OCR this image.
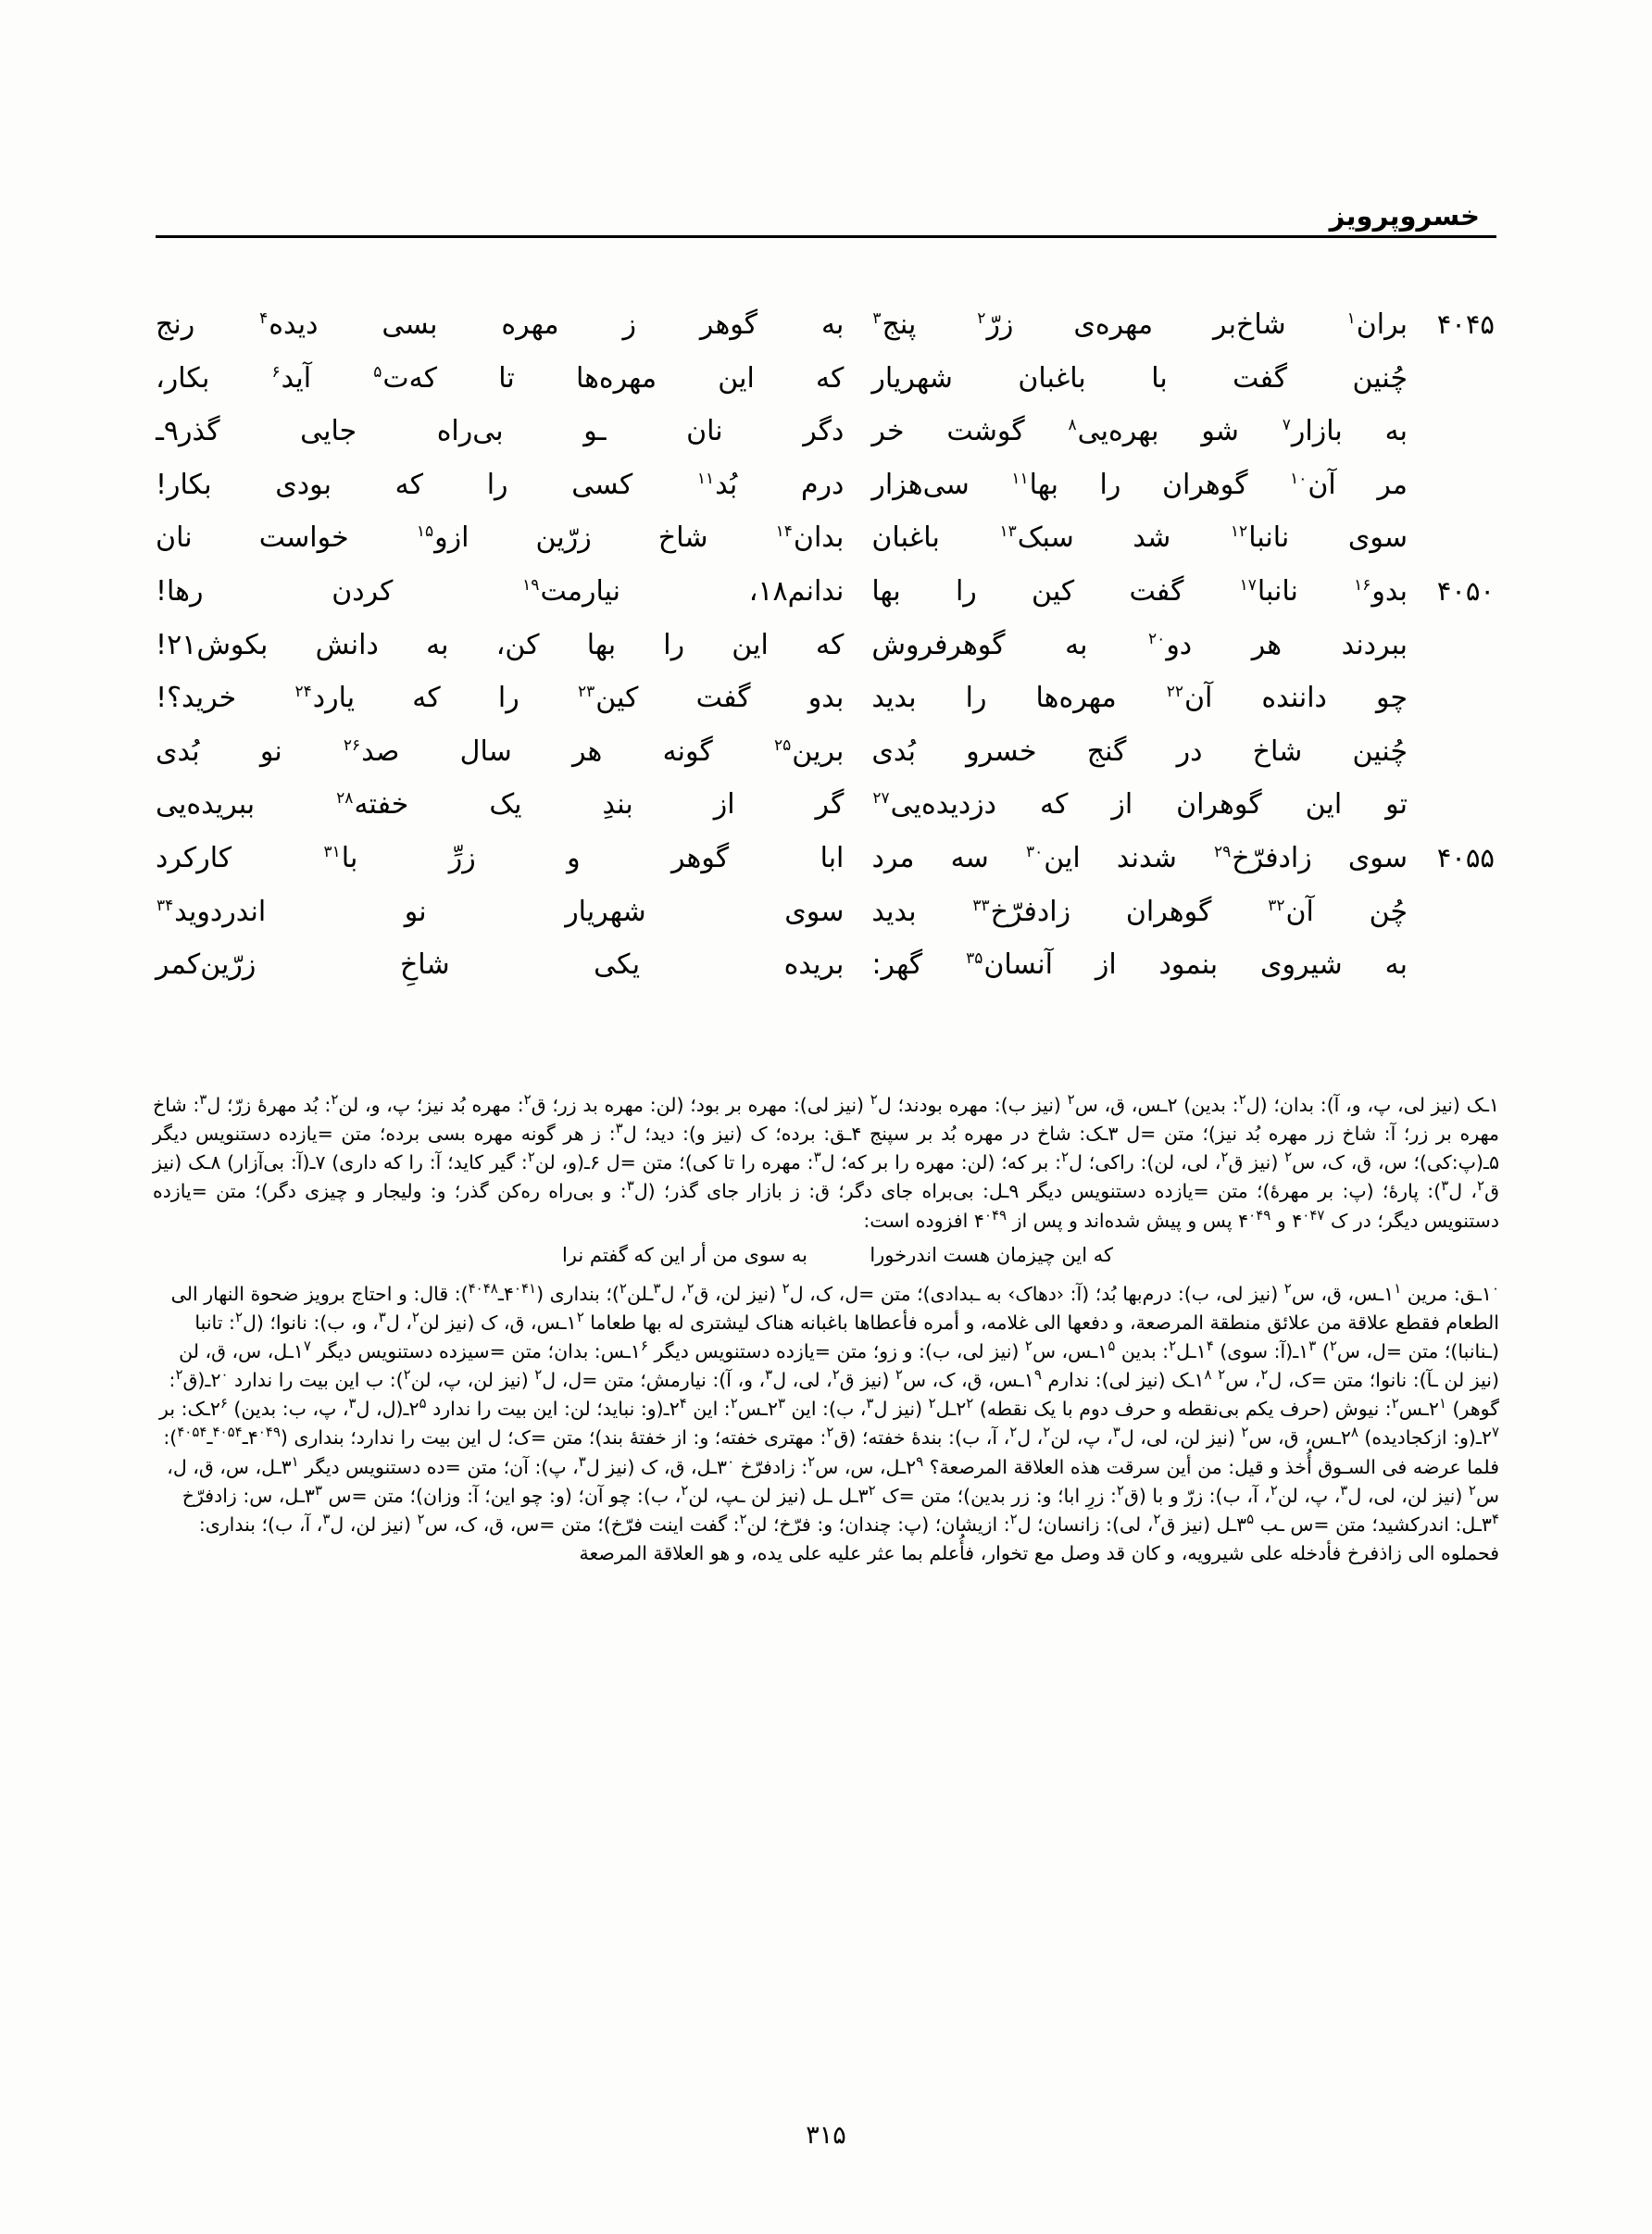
خسروپرویز
۴۰۴۵
بران$^۱$
شاخ‌بر
مهره‌ی
زرّ$^۲$
پنج$^۳$
به
گوهر
ز
مهره
بسی
دیده$^۴$
رنج

چُنین
گفت
با
باغبان
شهریار
که
این
مهره‌ها
تا
که‌ت$^۵$
آید$^۶$
بکار،

به
بازار$^۷$
شو
بهره‌یی$^۸$
گوشت
خر
دگر
نان
ـو
بی‌راه
جایی
گذر۹ـ

مر
آن$^{۱۰}$
گوهران
را
بها$^{۱۱}$
سی‌هزار
درم
بُد$^{۱۱}$
کسی
را
که
بودی
بکار!

سوی
نانبا$^{۱۲}$
شد
سبک$^{۱۳}$
باغبان
بدان$^{۱۴}$
شاخ
زرّین
ازو$^{۱۵}$
خواست
نان
۴۰۵۰
بدو$^{۱۶}$
نانبا$^{۱۷}$
گفت
کین
را
بها
ندانم۱۸،
نیارمت$^{۱۹}$
کردن
رها!

ببردند
هر
دو$^{۲۰}$
به
گوهرفروش
که
این
را
بها
کن،
به
دانش
بکوش۲۱!

چو
داننده
آن$^{۲۲}$
مهره‌ها
را
بدید
بدو
گفت
کین$^{۲۳}$
را
که
یارد$^{۲۴}$
خرید؟!

چُنین
شاخ
در
گنج
خسرو
بُدی
برین$^{۲۵}$
گونه
هر
سال
صد$^{۲۶}$
نو
بُدی

تو
این
گوهران
از
که
دزدیده‌یی$^{۲۷}$
گر
از
بندِ
یک
خفته$^{۲۸}$
ببریده‌یی
۴۰۵۵
سوی
زادفرّخ$^{۲۹}$
شدند
این$^{۳۰}$
سه
مرد
ابا
گوهر
و
زرِّ
با$^{۳۱}$
کارکرد

چُن
آن$^{۳۲}$
گوهران
زادفرّخ$^{۳۳}$
بدید
سوی
شهریار
نو
اندردوید$^{۳۴}$

به
شیروی
بنمود
از
آنسان$^{۳۵}$
گهر:
بریده
یکی
شاخِ
زرّین‌کمر

۱ـک (نیز لی، پ، و، آ): بدان؛ (ل$^۲$: بدین) ۲ـس، ق، س$^۲$ (نیز ب): مهره بودند؛ ل$^۲$ (نیز لی): مهره بر بود؛ (لن: مهره بد زر؛ ق$^۲$: مهره بُد نیز؛ پ، و، لن$^۲$: بُد مهرهٔ زرّ؛ ل$^۳$: شاخ مهره بر زر؛ آ: شاخ زر مهره بُد نیز)؛ متن =ل ۳ـک: شاخ در مهره بُد بر سپنج ۴ـق: برده؛ ک (نیز و): دید؛ ل$^۳$: ز هر گونه مهره بسی برده؛ متن =یازده دستنویس دیگر ۵ـ(پ:کی)؛ س، ق، ک، س$^۲$ (نیز ق$^۲$، لی، لن): راکی؛ ل$^۲$: بر که؛ (لن: مهره را بر که؛ ل$^۳$: مهره را تا کی)؛ متن =ل ۶ـ(و، لن$^۲$: گیر کاید؛ آ: را که داری) ۷ـ(آ: بی‌آزار) ۸ـک (نیز ق$^۲$، ل$^۳$): پارهٔ؛ (پ: بر مهرهٔ)؛ متن =یازده دستنویس دیگر ۹ـل: بی‌براه جای دگر؛ ق: ز بازار جای گذر؛ (ل$^۳$: و بی‌راه ره‌کن گذر؛ و: ولیجار و چیزی دگر)؛ متن =یازده دستنویس دیگر؛ در ک $۴^{۰۴۷}$ و $۴^{۰۴۹}$ پس و پیش شده‌اند و پس از $۴^{۰۴۹}$ افزوده است:

که این چیزمان هست اندرخورابه سوی من أر این که گفتم نرا

$۱^۰ـق$: مرین $۱^۱ـس،$ ق، س$^۲$ (نیز لی، ب): درم‌بها بُد؛ (آ: ‹دهاک› به ـبدادی)؛ متن =ل، ک، ل$^۲$ (نیز لن، ق$^۲$، ل$^۳$ـلن$^۲$)؛ بنداری $(۴^{۰۴۱}ـ^{۴۰۴۸})$: قال: و احتاج برویز ضحوة النهار الی الطعام فقطع علاقة من علائق منطقة المرصعة، و دفعها الی غلامه، و أمره فأعطاها باغبانه هناک لیشتری له بها طعاما $۱^۲ـس،$ ق، ک (نیز لن$^۲$، ل$^۳$، و، ب): نانوا؛ (ل$^۲$: تانبا (ـنانبا)؛ متن =ل، س$^۲$) $۱^۳ـ(آ$: سوی) $۱^۴ـل^۲$: بدین $۱^۵ـس،$ س$^۲$ (نیز لی، ب): و زو؛ متن =یازده دستنویس دیگر $۱^۶ـس$: بدان؛ متن =سیزده دستنویس دیگر $۱^۷ـل،$ س، ق، لن (نیز لن ـآ): نانوا؛ متن =ک، ل$^۲$، س$^۲$ $۱^۸ـک$ (نیز لی): ندارم $۱^۹ـس،$ ق، ک، س$^۲$ (نیز ق$^۲$، لی، ل$^۳$، و، آ): نیارمش؛ متن =ل، ل$^۲$ (نیز لن، پ، لن$^۲$): ب این بیت را ندارد $۲^۰ـ(ق^۲$: گوهر) $۲^۱ـس^۲$: نیوش (حرف یکم بی‌نقطه و حرف دوم با یک نقطه) $۲^۲ـل^۲$ (نیز ل$^۳$، ب): این $۲^۳ـس^۲$: این $۲^۴ـ(و$: نباید؛ لن: این بیت را ندارد $۲^۵ـ(ل،$ ل$^۳$، پ، ب: بدین) $۲^۶ـک$: بر $۲^۷ـ(و$: ازکجادیده) $۲^۸ـس،$ ق، س$^۲$ (نیز لن، لی، ل$^۳$، پ، لن$^۲$، ل$^۲$، آ، ب): بندهٔ خفته؛ (ق$^۲$: مهتری خفته؛ و: از خفتهٔ بند)؛ متن =ک؛ ل این بیت را ندارد؛ بنداری $(۴^{۰۴۹}ـ^{۴۰۵۴}ـ^{۴۰۵۴})$: فلما عرضه فی السـوق أُخذ و قیل: من أین سرقت هذه العلاقة المرصعة؟ $۲^۹ـل،$ س، س$^۲$: زادفرّخ $۳^۰ـل،$ ق، ک (نیز ل$^۳$، پ): آن؛ متن =ده دستنویس دیگر $۳^۱ـل،$ س، ق، ل، س$^۲$ (نیز لن، لی، ل$^۳$، پ، لن$^۲$، آ، ب): زرّ و با (ق$^۲$: زرِ ابا؛ و: زر بدین)؛ متن =ک $۳^۲ـل$ ـل (نیز لن ـپ، لن$^۲$، ب): چو آن؛ (و: چو این؛ آ: وزان)؛ متن =س $۳^۳ـل،$ س: زادفرّخ $۳^۴ـل$: اندرکشید؛ متن =س ـب $۳^۵ـل$ (نیز ق$^۲$، لی): زانسان؛ ل$^۲$: ازیشان؛ (پ: چندان؛ و: فرّخ؛ لن$^۲$: گفت اینت فرّخ)؛ متن =س، ق، ک، س$^۲$ (نیز لن، ل$^۳$، آ، ب)؛ بنداری: فحملوه الی زاذفرخ فأدخله علی شیرویه، و کان قد وصل مع تخوار، فأُعلم بما عثر علیه علی یده، و هو العلاقة المرصعة

۳۱۵
